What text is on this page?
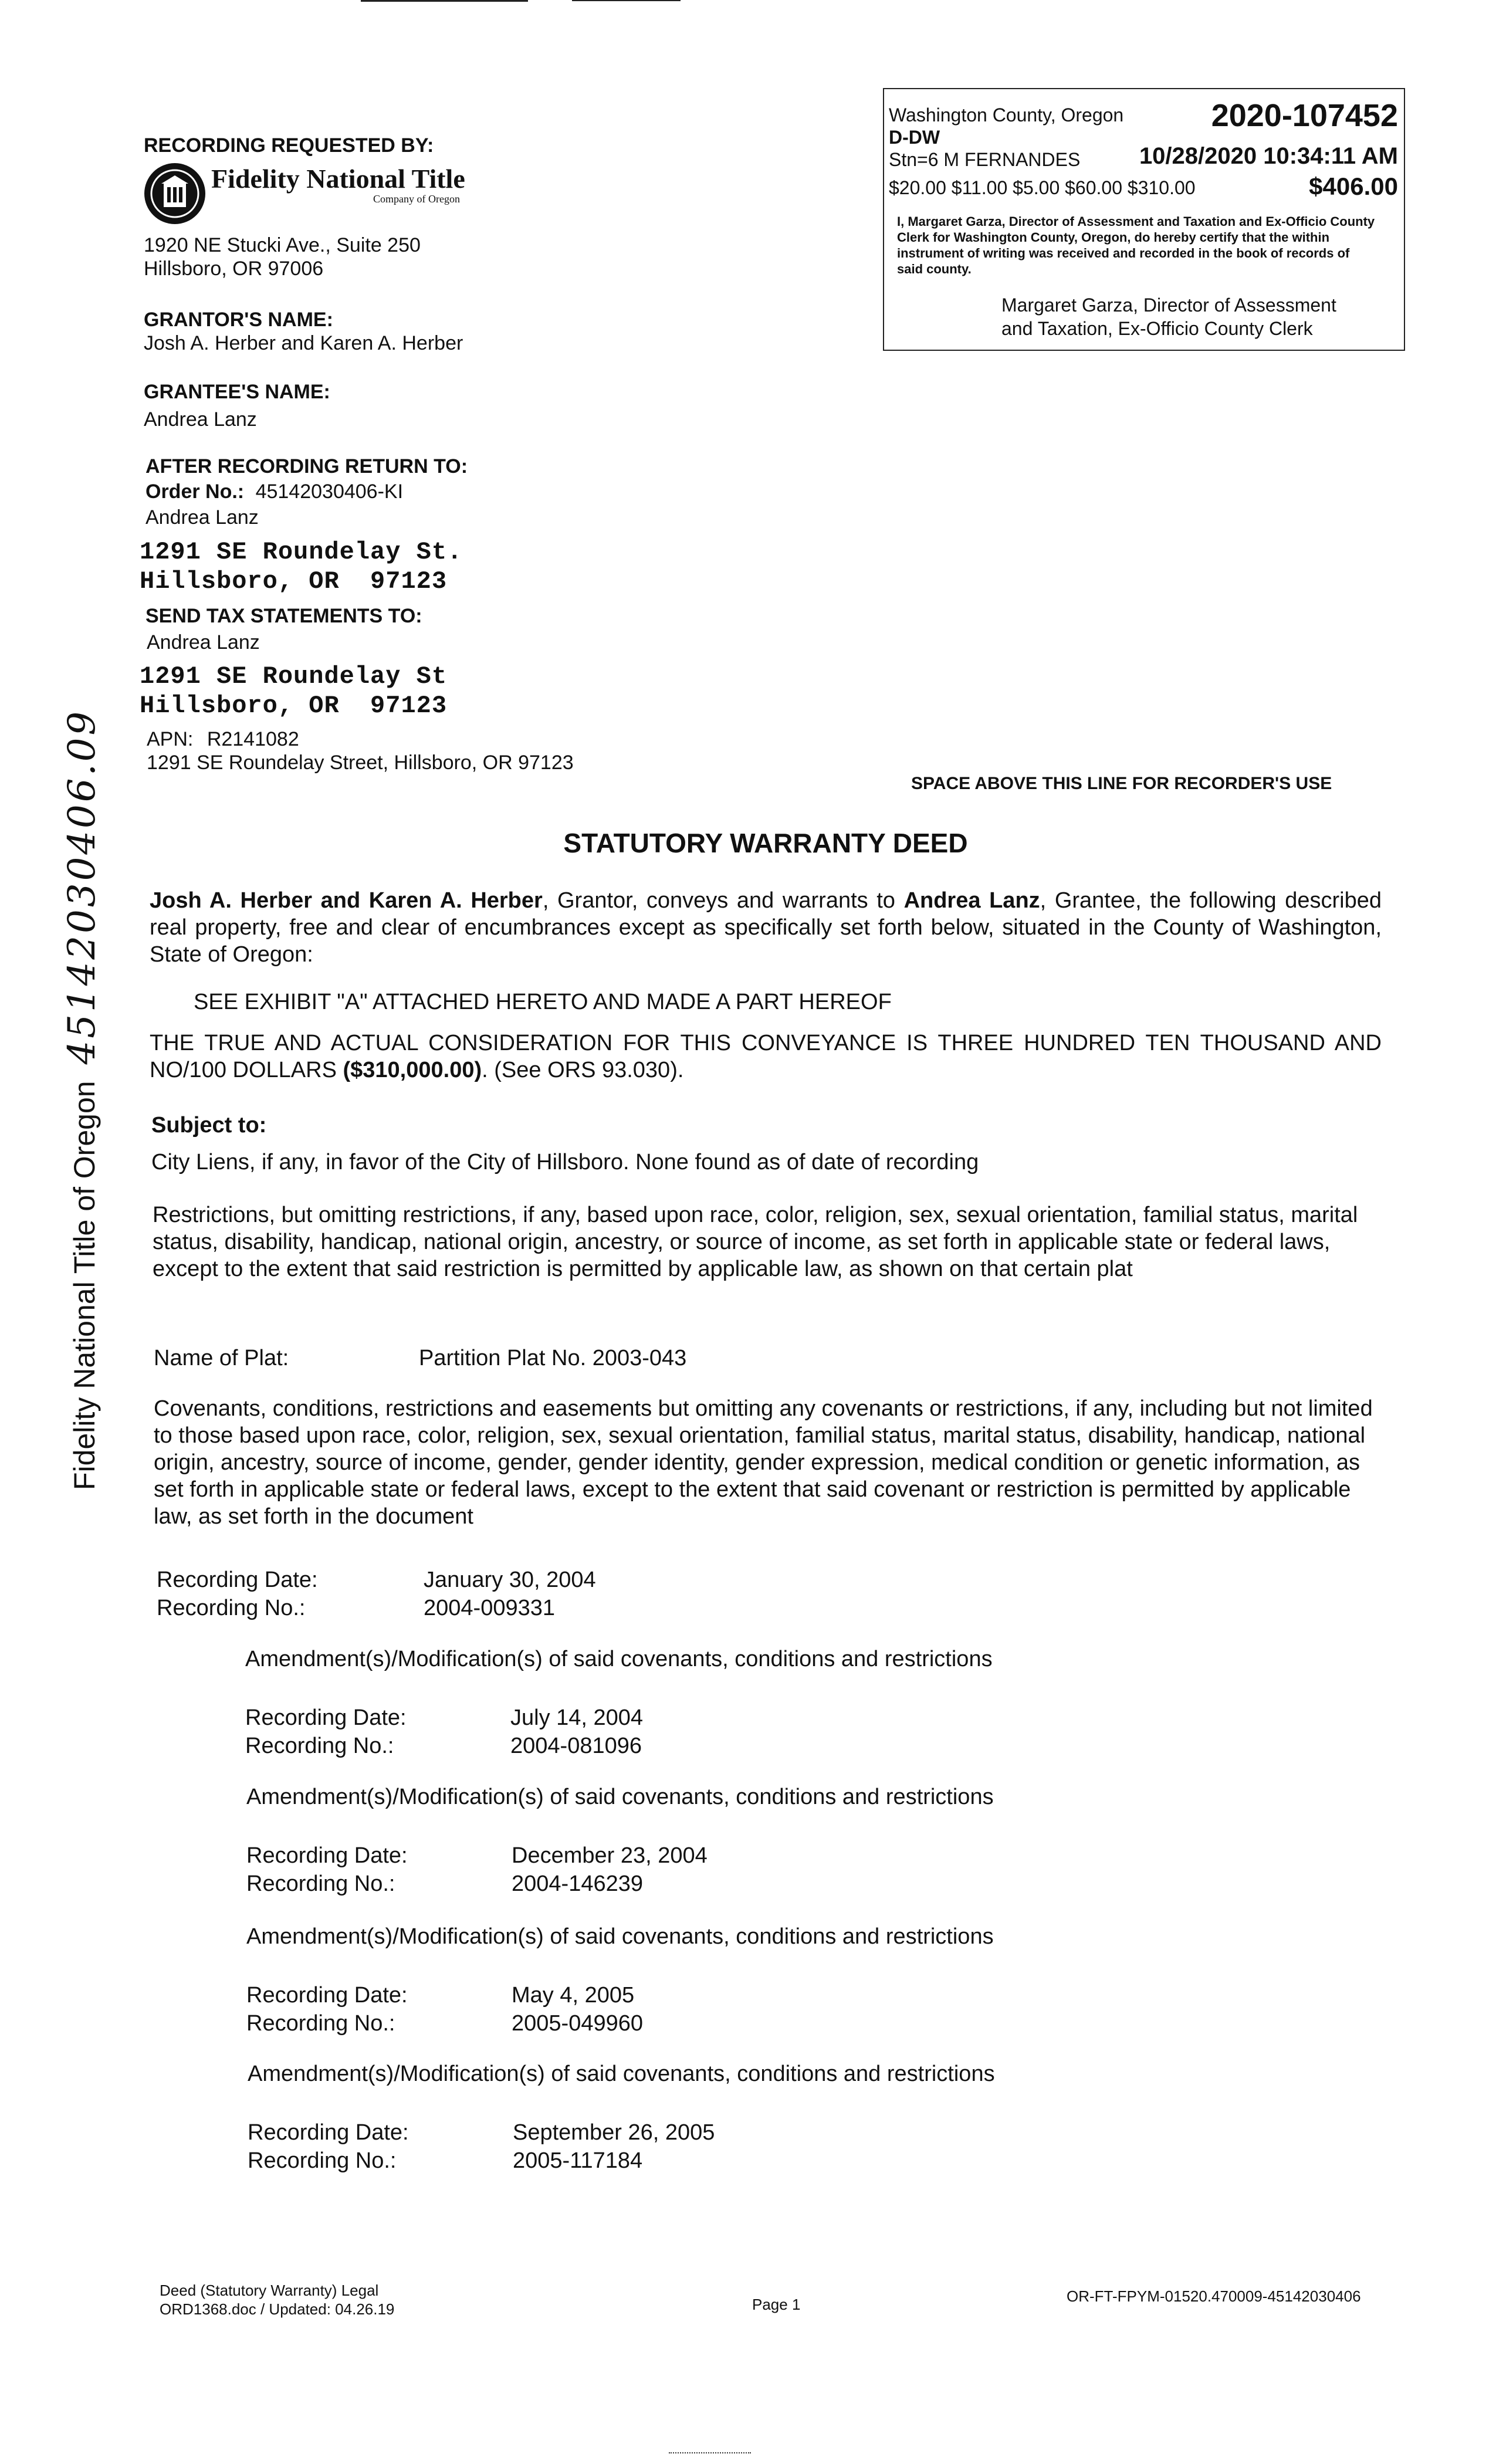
Washington County, Oregon	2020-107452
D-DW
Stn=6 M FERNANDES	10/28/2020 10:34:11 AM
$20.00 $11.00 $5.00 $60.00 $310.00	$406.00
I, Margaret Garza, Director of Assessment and Taxation and Ex-Officio County Clerk for Washington County, Oregon, do hereby certify that the within instrument of writing was received and recorded in the book of records of said county.
Margaret Garza, Director of Assessment
and Taxation, Ex-Officio County Clerk
RECORDING REQUESTED BY:
Fidelity National Title
Company of Oregon
1920 NE Stucki Ave., Suite 250
Hillsboro, OR 97006
GRANTOR'S NAME:
Josh A. Herber and Karen A. Herber
GRANTEE'S NAME:
Andrea Lanz
AFTER RECORDING RETURN TO:
Order No.: 45142030406-KI
Andrea Lanz
1291 SE Roundelay St.
Hillsboro, OR  97123
SEND TAX STATEMENTS TO:
Andrea Lanz
1291 SE Roundelay St
Hillsboro, OR  97123
APN: R2141082
1291 SE Roundelay Street, Hillsboro, OR 97123
SPACE ABOVE THIS LINE FOR RECORDER'S USE
STATUTORY WARRANTY DEED
Josh A. Herber and Karen A. Herber, Grantor, conveys and warrants to Andrea Lanz, Grantee, the following described real property, free and clear of encumbrances except as specifically set forth below, situated in the County of Washington, State of Oregon:
SEE EXHIBIT "A" ATTACHED HERETO AND MADE A PART HEREOF
THE TRUE AND ACTUAL CONSIDERATION FOR THIS CONVEYANCE IS THREE HUNDRED TEN THOUSAND AND NO/100 DOLLARS ($310,000.00). (See ORS 93.030).
Subject to:
City Liens, if any, in favor of the City of Hillsboro. None found as of date of recording
Restrictions, but omitting restrictions, if any, based upon race, color, religion, sex, sexual orientation, familial status, marital status, disability, handicap, national origin, ancestry, or source of income, as set forth in applicable state or federal laws, except to the extent that said restriction is permitted by applicable law, as shown on that certain plat
Name of Plat:	Partition Plat No. 2003-043
Covenants, conditions, restrictions and easements but omitting any covenants or restrictions, if any, including but not limited to those based upon race, color, religion, sex, sexual orientation, familial status, marital status, disability, handicap, national origin, ancestry, source of income, gender, gender identity, gender expression, medical condition or genetic information, as set forth in applicable state or federal laws, except to the extent that said covenant or restriction is permitted by applicable law, as set forth in the document
Recording Date:	January 30, 2004
Recording No.:	2004-009331
Amendment(s)/Modification(s) of said covenants, conditions and restrictions
Recording Date:	July 14, 2004
Recording No.:	2004-081096
Amendment(s)/Modification(s) of said covenants, conditions and restrictions
Recording Date:	December 23, 2004
Recording No.:	2004-146239
Amendment(s)/Modification(s) of said covenants, conditions and restrictions
Recording Date:	May 4, 2005
Recording No.:	2005-049960
Amendment(s)/Modification(s) of said covenants, conditions and restrictions
Recording Date:	September 26, 2005
Recording No.:	2005-117184
Fidelity National Title of Oregon45142030406.09
Deed (Statutory Warranty) Legal
ORD1368.doc / Updated: 04.26.19	Page 1	OR-FT-FPYM-01520.470009-45142030406
